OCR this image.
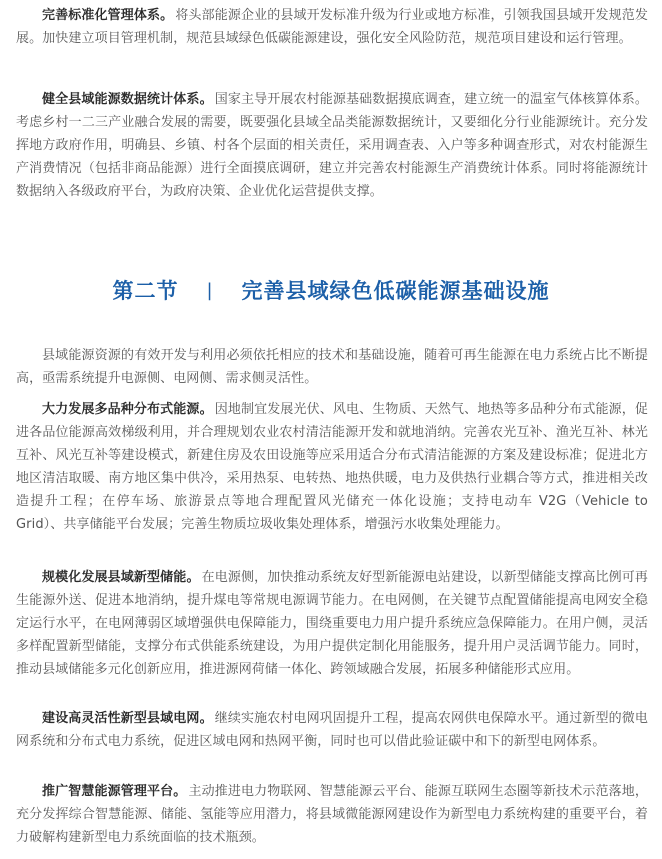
完善标准化管理体系。 将头部能源企业的县域开发标准升级为行业或地方标准，引领我国县域开发规范发展。加快建立项目管理机制，规范县域绿色低碳能源建设，强化安全风险防范，规范项目建设和运行管理。

健全县域能源数据统计体系。 国家主导开展农村能源基础数据摸底调查，建立统一的温室气体核算体系。考虑乡村一二三产业融合发展的需要，既要强化县域全品类能源数据统计，又要细化分行业能源统计。充分发挥地方政府作用，明确县、乡镇、村各个层面的相关责任，采用调查表、入户等多种调查形式，对农村能源生产消费情况（包括非商品能源）进行全面摸底调研，建立并完善农村能源生产消费统计体系。同时将能源统计数据纳入各级政府平台，为政府决策、企业优化运营提供支撑。

第二节 | 完善县域绿色低碳能源基础设施

县域能源资源的有效开发与利用必须依托相应的技术和基础设施，随着可再生能源在电力系统占比不断提高，亟需系统提升电源侧、电网侧、需求侧灵活性。

大力发展多品种分布式能源。 因地制宜发展光伏、风电、生物质、天然气、地热等多品种分布式能源，促进各品位能源高效梯级利用，并合理规划农业农村清洁能源开发和就地消纳。完善农光互补、渔光互补、林光互补、风光互补等建设模式，新建住房及农田设施等应采用适合分布式清洁能源的方案及建设标准；促进北方地区清洁取暖、南方地区集中供冷，采用热泵、电转热、地热供暖，电力及供热行业耦合等方式，推进相关改造提升工程；在停车场、旅游景点等地合理配置风光储充一体化设施；支持电动车 V2G（Vehicle to Grid）、共享储能平台发展；完善生物质垃圾收集处理体系，增强污水收集处理能力。

规模化发展县域新型储能。 在电源侧，加快推动系统友好型新能源电站建设，以新型储能支撑高比例可再生能源外送、促进本地消纳，提升煤电等常规电源调节能力。在电网侧，在关键节点配置储能提高电网安全稳定运行水平，在电网薄弱区域增强供电保障能力，围绕重要电力用户提升系统应急保障能力。在用户侧，灵活多样配置新型储能，支撑分布式供能系统建设，为用户提供定制化用能服务，提升用户灵活调节能力。同时，推动县域储能多元化创新应用，推进源网荷储一体化、跨领域融合发展，拓展多种储能形式应用。

建设高灵活性新型县域电网。 继续实施农村电网巩固提升工程，提高农网供电保障水平。通过新型的微电网系统和分布式电力系统，促进区域电网和热网平衡，同时也可以借此验证碳中和下的新型电网体系。

推广智慧能源管理平台。 主动推进电力物联网、智慧能源云平台、能源互联网生态圈等新技术示范落地，充分发挥综合智慧能源、储能、氢能等应用潜力，将县域微能源网建设作为新型电力系统构建的重要平台，着力破解构建新型电力系统面临的技术瓶颈。
